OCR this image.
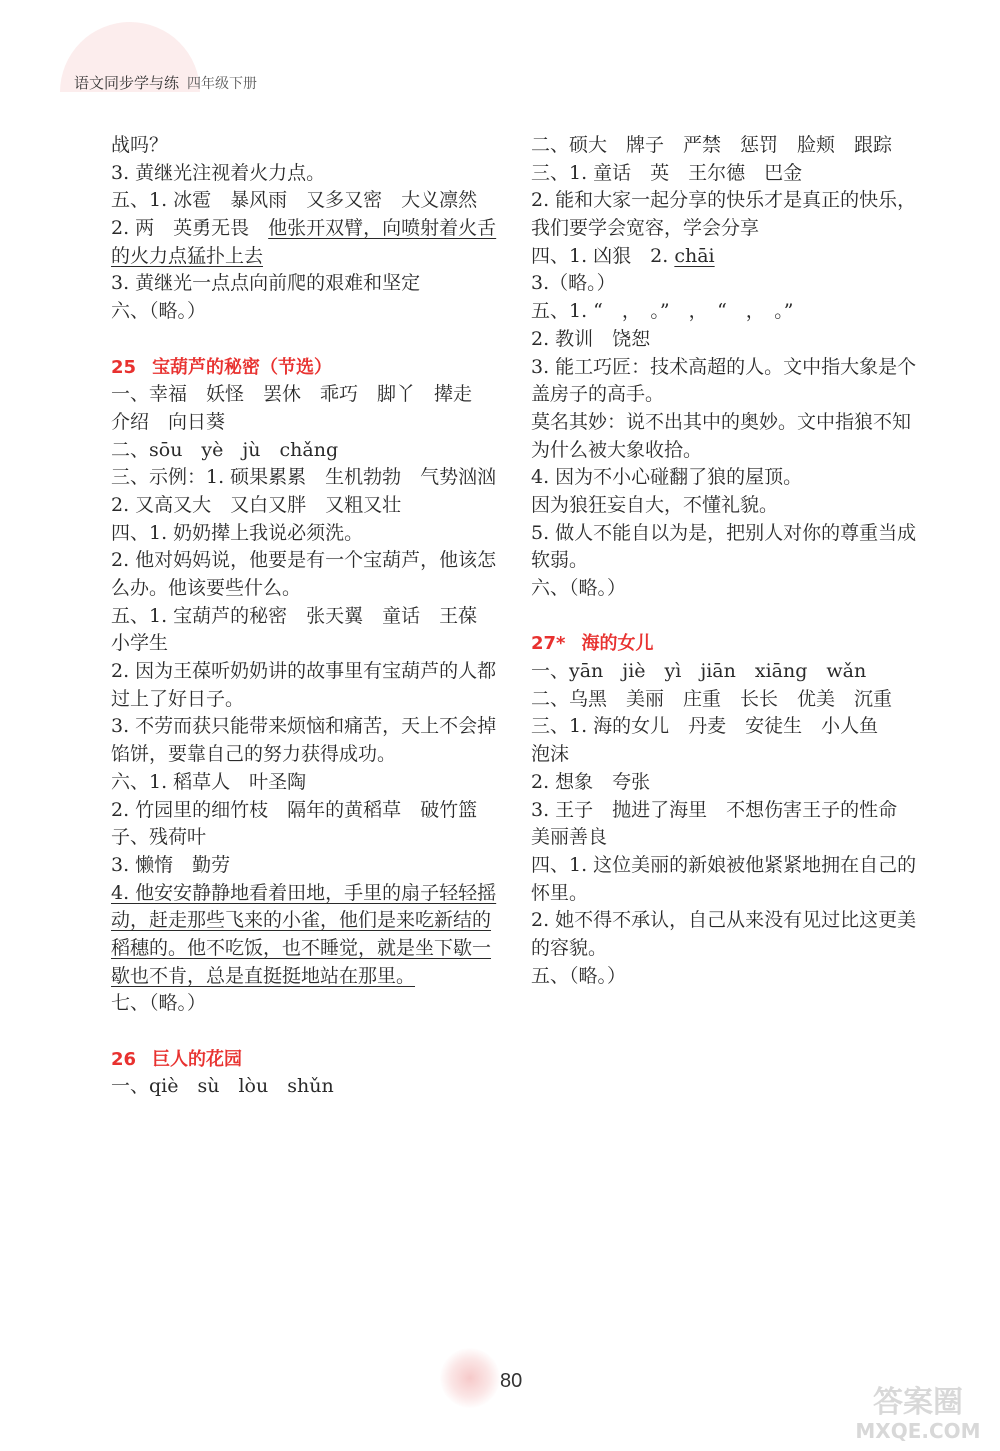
语文同步学与练 四年级下册
战吗？
3. 黄继光注视着火力点。
五、1. 冰雹　暴风雨　又多又密　大义凛然
2. 两　英勇无畏　他张开双臂，向喷射着火舌
的火力点猛扑上去
3. 黄继光一点点向前爬的艰难和坚定
六、（略。）
25 宝葫芦的秘密（节选）
一、幸福　妖怪　罢休　乖巧　脚丫　撵走
介绍　向日葵
二、sōu　yè　jù　chǎng
三、示例：1. 硕果累累　生机勃勃　气势汹汹
2. 又高又大　又白又胖　又粗又壮
四、1. 奶奶撵上我说必须洗。
2. 他对妈妈说，他要是有一个宝葫芦，他该怎
么办。他该要些什么。
五、1. 宝葫芦的秘密　张天翼　童话　王葆
小学生
2. 因为王葆听奶奶讲的故事里有宝葫芦的人都
过上了好日子。
3. 不劳而获只能带来烦恼和痛苦，天上不会掉
馅饼，要靠自己的努力获得成功。
六、1. 稻草人　叶圣陶
2. 竹园里的细竹枝　隔年的黄稻草　破竹篮
子、残荷叶
3. 懒惰　勤劳
4. 他安安静静地看着田地，手里的扇子轻轻摇
动，赶走那些飞来的小雀，他们是来吃新结的
稻穗的。他不吃饭，也不睡觉，就是坐下歇一
歇也不肯，总是直挺挺地站在那里。
七、（略。）
26 巨人的花园
一、qiè　sù　lòu　shǔn
二、硕大　牌子　严禁　惩罚　脸颊　跟踪
三、1. 童话　英　王尔德　巴金
2. 能和大家一起分享的快乐才是真正的快乐，
我们要学会宽容，学会分享
四、1. 凶狠　2. chāi
3.（略。）
五、1. “　，　。”　，　“　，　。”
2. 教训　饶恕
3. 能工巧匠：技术高超的人。文中指大象是个
盖房子的高手。
莫名其妙：说不出其中的奥妙。文中指狼不知
为什么被大象收拾。
4. 因为不小心碰翻了狼的屋顶。
因为狼狂妄自大，不懂礼貌。
5. 做人不能自以为是，把别人对你的尊重当成
软弱。
六、（略。）
27* 海的女儿
一、yān　jiè　yì　jiān　xiāng　wǎn
二、乌黑　美丽　庄重　长长　优美　沉重
三、1. 海的女儿　丹麦　安徒生　小人鱼
泡沫
2. 想象　夸张
3. 王子　抛进了海里　不想伤害王子的性命
美丽善良
四、1. 这位美丽的新娘被他紧紧地拥在自己的
怀里。
2. 她不得不承认，自己从来没有见过比这更美
的容貌。
五、（略。）
80
答案圈
MXQE.COM
